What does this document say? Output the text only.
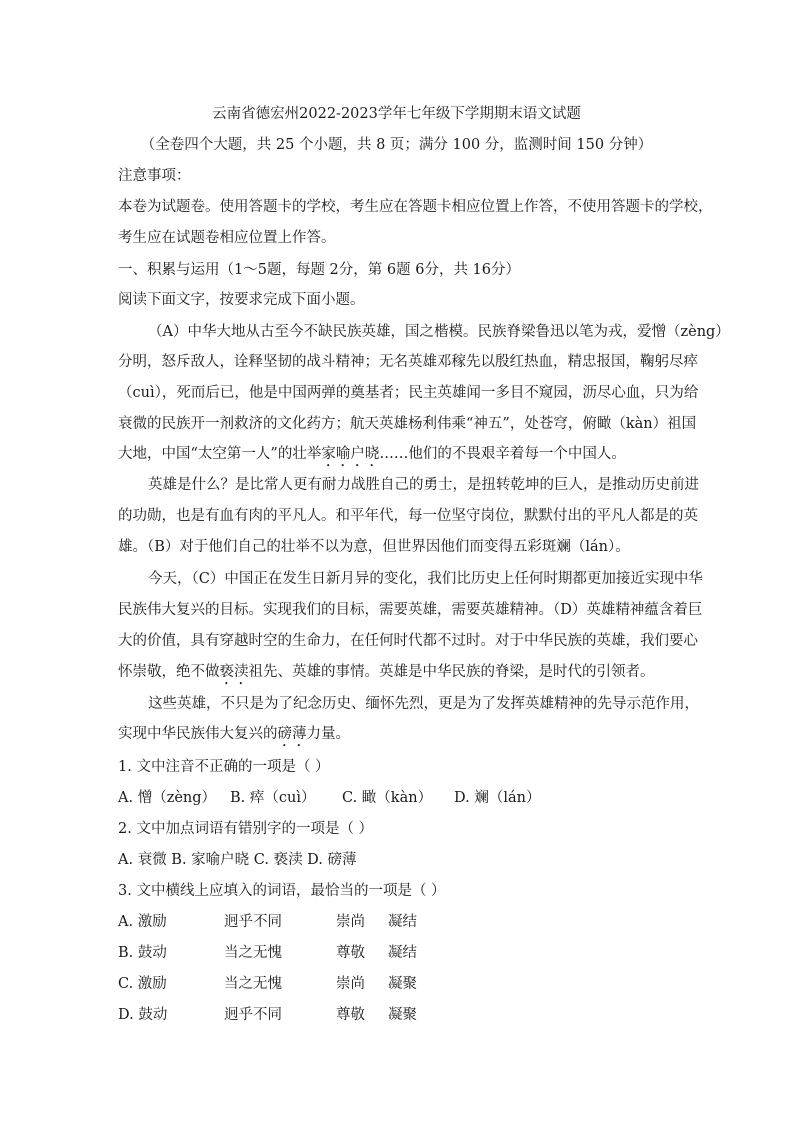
云南省德宏州2022-2023学年七年级下学期期末语文试题
（全卷四个大题，共 25 个小题，共 8 页；满分 100 分，监测时间 150 分钟）
注意事项：
本卷为试题卷。使用答题卡的学校，考生应在答题卡相应位置上作答，不使用答题卡的学校，
考生应在试题卷相应位置上作答。
一、积累与运用（1～5题，每题 2分，第 6题 6分，共 16分）
阅读下面文字，按要求完成下面小题。
（A）中华大地从古至今不缺民族英雄，国之楷模。民族脊梁鲁迅以笔为戎，爱憎（zèng）
分明，怒斥敌人，诠释坚韧的战斗精神；无名英雄邓稼先以殷红热血，精忠报国，鞠躬尽瘁
（cuì），死而后已，他是中国两弹的奠基者；民主英雄闻一多目不窥园，沥尽心血，只为给
衰微的民族开一剂救济的文化药方；航天英雄杨利伟乘“神五”，处苍穹，俯瞰（kàn）祖国
大地，中国“太空第一人”的壮举家喻户晓……他们的不畏艰辛着每一个中国人。
英雄是什么？是比常人更有耐力战胜自己的勇士，是扭转乾坤的巨人，是推动历史前进
的功勋，也是有血有肉的平凡人。和平年代，每一位坚守岗位，默默付出的平凡人都是的英
雄。（B）对于他们自己的壮举不以为意，但世界因他们而变得五彩斑斓（lán）。
今天，（C）中国正在发生日新月异的变化，我们比历史上任何时期都更加接近实现中华
民族伟大复兴的目标。实现我们的目标，需要英雄，需要英雄精神。（D）英雄精神蕴含着巨
大的价值，具有穿越时空的生命力，在任何时代都不过时。对于中华民族的英雄，我们要心
怀崇敬，绝不做亵渎祖先、英雄的事情。英雄是中华民族的脊梁，是时代的引领者。
这些英雄，不只是为了纪念历史、缅怀先烈，更是为了发挥英雄精神的先导示范作用，
实现中华民族伟大复兴的磅薄力量。
1. 文中注音不正确的一项是（ ）
A. 憎（zèng） B. 瘁（cuì） C. 瞰（kàn） D. 斓（lán）
2. 文中加点词语有错别字的一项是（ ）
A. 衰微 B. 家喻户晓 C. 亵渎 D. 磅薄
3. 文中横线上应填入的词语，最恰当的一项是（ ）
A. 激励	迥乎不同	崇尚 凝结
B. 鼓动	当之无愧	尊敬 凝结
C. 激励	当之无愧	崇尚 凝聚
D. 鼓动	迥乎不同	尊敬 凝聚
